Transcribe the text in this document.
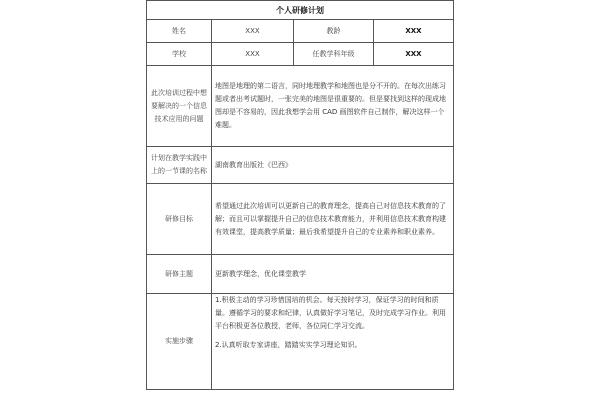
个人研修计划			
姓名	XXX	教龄	XXX
学校	XXX	任教学科年级	XXX
此次培训过程中想要解决的一个信息技术应用的问题	地图是地理的第二语言，同时地理教学和地图也是分不开的。在每次出练习题或者出考试题时，一张完美的地图是很重要的。但是要找到这样的现成地图却是不容易的，因此我想学会用 CAD 画图软件自己制作，解决这样一个难题。		
计划在教学实践中上的一节课的名称	湖南教育出版社《巴西》		
研修目标	希望通过此次培训可以更新自己的教育理念，提高自己对信息技术教育的了解；而且可以掌握提升自己的信息技术教育能力，并利用信息技术教育构建有效课堂，提高教学质量；最后我希望提升自己的专业素养和职业素养。		
研修主题	更新教学理念，优化课堂教学		
实施步骤	1.积极主动的学习珍惜国培的机会。每天按时学习，保证学习的时间和质量。遵循学习的要求和纪律，认真做好学习笔记，及时完成学习作业。利用平台积极更各位教授，老师，各位同仁学习交流。

2.认真听取专家讲座，踏踏实实学习理论知识。		
